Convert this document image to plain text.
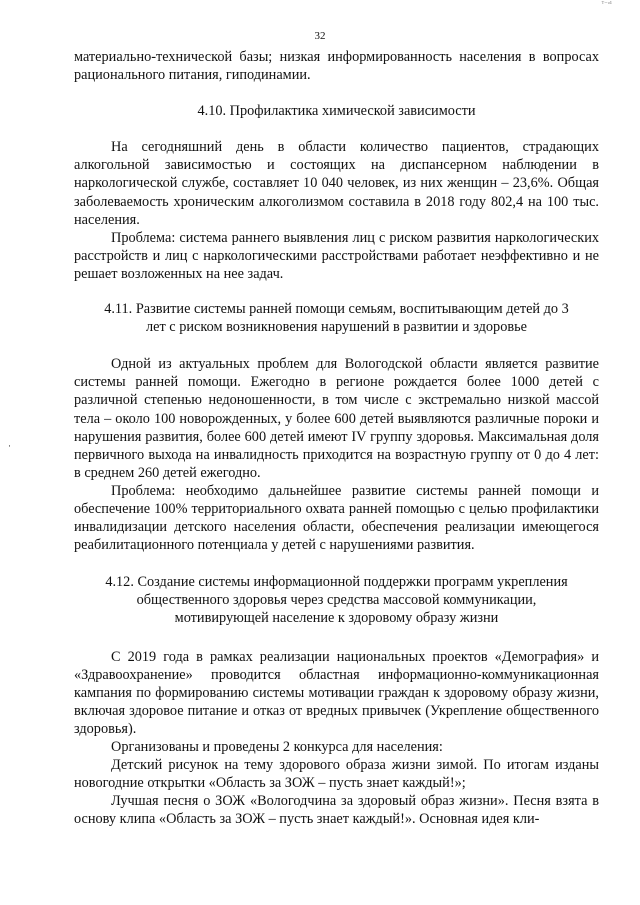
ᵀ⁻ᵒ¹
32
·

материально-технической базы; низкая информированность населения в вопросах рационального питания, гиподинамии.

4.10. Профилактика химической зависимости

На сегодняшний день в области количество пациентов, страдающих алкогольной зависимостью и состоящих на диспансерном наблюдении в наркологической службе, составляет 10 040 человек, из них женщин – 23,6%. Общая заболеваемость хроническим алкоголизмом составила в 2018 году 802,4 на 100 тыс. населения.

Проблема: система раннего выявления лиц с риском развития наркологических расстройств и лиц с наркологическими расстройствами работает неэффективно и не решает возложенных на нее задач.

4.11. Развитие системы ранней помощи семьям, воспитывающим детей до 3 лет с риском возникновения нарушений в развитии и здоровье

Одной из актуальных проблем для Вологодской области является развитие системы ранней помощи. Ежегодно в регионе рождается более 1000 детей с различной степенью недоношенности, в том числе с экстремально низкой массой тела – около 100 новорожденных, у более 600 детей выявляются различные пороки и нарушения развития, более 600 детей имеют IV группу здоровья. Максимальная доля первичного выхода на инвалидность приходится на возрастную группу от 0 до 4 лет: в среднем 260 детей ежегодно.

Проблема: необходимо дальнейшее развитие системы ранней помощи и обеспечение 100% территориального охвата ранней помощью с целью профилактики инвалидизации детского населения области, обеспечения реализации имеющегося реабилитационного потенциала у детей с нарушениями развития.

4.12. Создание системы информационной поддержки программ укрепления общественного здоровья через средства массовой коммуникации, мотивирующей население к здоровому образу жизни

С 2019 года в рамках реализации национальных проектов «Демография» и «Здравоохранение» проводится областная информационно-коммуникационная кампания по формированию системы мотивации граждан к здоровому образу жизни, включая здоровое питание и отказ от вредных привычек (Укрепление общественного здоровья).

Организованы и проведены 2 конкурса для населения:

Детский рисунок на тему здорового образа жизни зимой. По итогам изданы новогодние открытки «Область за ЗОЖ – пусть знает каждый!»;

Лучшая песня о ЗОЖ «Вологодчина за здоровый образ жизни». Песня взята в основу клипа «Область за ЗОЖ – пусть знает каждый!». Основная идея кли-
